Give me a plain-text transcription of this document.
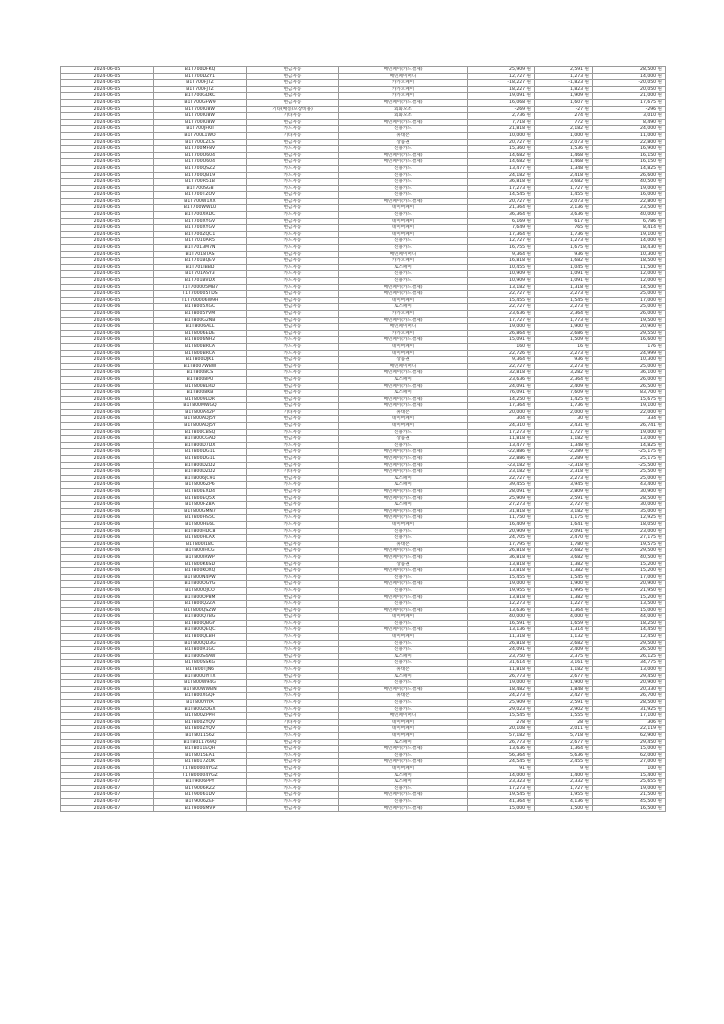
2024-06-05	B1T700DFKQ	현금자동	배민페이(카드결제)	25,909 원	2,591 원	28,500 원
2024-06-05	B1T700DZY1	현금자동	배민페이머니	12,727 원	1,273 원	14,000 원
2024-06-05	B1T700FJTZ	현금자동	카카오페이	-18,227 원	-1,823 원	-20,050 원
2024-06-05	B1T700FJTZ	현금자동	카카오페이	18,227 원	1,823 원	20,050 원
2024-06-05	B1T700GDKC	현금자동	카카오페이	19,091 원	1,909 원	21,000 원
2024-06-05	B1T700GFW9	현금자동	배민페이(카드결제)	16,068 원	1,607 원	17,675 원
2024-06-05	B1T700IU8W	기타(배송/포장비용)	외화모조	-269 원	-27 원	-296 원
2024-06-05	B1T700IU8W	기타자동	외화모조	2,736 원	274 원	3,010 원
2024-06-05	B1T700IU8W	현금자동	배민페이(카드결제)	7,718 원	772 원	8,490 원
2024-06-05	B1T700JFKII	카드자동	신용카드	21,818 원	2,182 원	24,000 원
2024-06-05	B1T700L1WO	기타자동	휴대폰	10,000 원	1,000 원	11,000 원
2024-06-05	B1T700LZCS	현금자동	상품권	20,727 원	2,073 원	22,800 원
2024-06-05	B1T700MF8V	카드자동	신용카드	15,360 원	1,536 원	16,900 원
2024-06-05	B1T700O604	현금자동	배민페이(카드결제)	14,682 원	1,468 원	16,150 원
2024-06-05	B1T700O604	현금자동	배민페이(카드결제)	14,682 원	1,468 원	16,150 원
2024-06-05	B1T700QSZ2	카드자동	신용카드	13,477 원	1,348 원	14,825 원
2024-06-05	B1T700QB19	카드자동	신용카드	24,182 원	2,418 원	26,600 원
2024-06-05	B1T700R51B	카드자동	신용카드	36,818 원	3,682 원	40,500 원
2024-06-05	B1T700SG8	카드자동	신용카드	17,273 원	1,727 원	19,000 원
2024-06-05	B1T700TZOV	현금자동	신용카드	14,545 원	1,455 원	16,000 원
2024-06-05	B1T700W1XX	현금자동	배민페이(카드결제)	20,727 원	2,073 원	22,800 원
2024-06-05	B1T700WWLU	현금자동	네이버페이	21,364 원	2,136 원	23,500 원
2024-06-05	B1T700XRDC	카드자동	신용카드	36,364 원	3,636 원	40,000 원
2024-06-05	B1T700XYGV	현금자동	네이버페이	6,169 원	617 원	6,786 원
2024-06-05	B1T700XYGV	현금자동	네이버페이	7,649 원	765 원	8,414 원
2024-06-05	B1T700ZQC1	카드자동	네이버페이	17,364 원	1,736 원	19,100 원
2024-06-05	B1T7010AR5	카드자동	신용카드	12,727 원	1,273 원	14,000 원
2024-06-05	B1T7013M7N	카드자동	신용카드	16,755 원	1,675 원	18,430 원
2024-06-05	B1T7018TAS	현금자동	배민페이머니	9,364 원	936 원	10,300 원
2024-06-05	B1T701BQEV	현금자동	카카오페이	16,818 원	1,682 원	18,500 원
2024-06-05	B1T701IBBD	카드자동	토스페이	10,455 원	1,045 원	11,500 원
2024-06-05	B1T701ASY3	카드자동	신용카드	10,909 원	1,091 원	12,000 원
2024-06-05	B1T701BVDX	카드자동	신용카드	10,909 원	1,091 원	12,000 원
2024-06-05	T1T700005MB7	카드자동	배민페이(카드결제)	13,182 원	1,318 원	14,500 원
2024-06-05	T1T700005TDS	현금자동	배민페이(카드결제)	22,727 원	2,273 원	25,000 원
2024-06-05	T1T700006W9H	현금자동	네이버페이	15,455 원	1,545 원	17,000 원
2024-06-06	B1T8005XGC	현금자동	토스페이	22,727 원	2,273 원	25,000 원
2024-06-06	B1T8005YVM	현금자동	카카오페이	23,636 원	2,364 원	26,000 원
2024-06-06	B1T800G2NB	현금자동	배민페이(카드결제)	17,727 원	1,773 원	19,500 원
2024-06-06	B1T8006ALL	현금자동	배민페이머니	19,000 원	1,900 원	20,900 원
2024-06-06	B1T8006EDE	현금자동	카카오페이	26,864 원	2,686 원	29,550 원
2024-06-06	B1T8006NH2	카드자동	배민페이(카드결제)	15,091 원	1,509 원	16,600 원
2024-06-06	B1T800BRCA	카드자동	네이버페이	160 원	16 원	176 원
2024-06-06	B1T800BRCA	카드자동	네이버페이	22,726 원	2,273 원	24,999 원
2024-06-06	B1T800DJK1	현금자동	상품권	9,364 원	936 원	10,300 원
2024-06-06	B1T8007WBW	현금자동	배민페이머니	22,727 원	2,273 원	25,000 원
2024-06-06	B1T8008CS	카드자동	배민페이(카드결제)	32,818 원	3,282 원	36,100 원
2024-06-06	B1T8008PU	현금자동	토스페이	23,636 원	2,364 원	26,000 원
2024-06-06	B1T8008LRD	현금자동	배민페이(카드결제)	24,091 원	2,409 원	26,500 원
2024-06-06	B1T8008KB	현금자동	토스페이	76,091 원	7,609 원	83,700 원
2024-06-06	B1T8009LDR	현금자동	배민페이(카드결제)	14,250 원	1,425 원	15,675 원
2024-06-06	B1T800MWGQ	현금자동	배민페이(카드결제)	17,364 원	1,736 원	19,100 원
2024-06-06	B1T800A42P	기타자동	휴대폰	20,000 원	2,000 원	22,000 원
2024-06-06	B1T800ADJ5Y	현금자동	네이버페이	304 원	30 원	334 원
2024-06-06	B1T800ADJ5Y	현금자동	네이버페이	24,310 원	2,431 원	26,741 원
2024-06-06	B1T800CBSQ	카드자동	신용카드	17,273 원	1,727 원	19,000 원
2024-06-06	B1T800CGAD	현금자동	상품권	11,818 원	1,182 원	13,000 원
2024-06-06	B1T800D7DX	카드자동	신용카드	13,477 원	1,348 원	14,825 원
2024-06-06	B1T800DG1L	현금자동	배민페이(카드결제)	-22,886 원	-2,289 원	-25,175 원
2024-06-06	B1T800DG1L	현금자동	배민페이(카드결제)	22,886 원	2,289 원	25,175 원
2024-06-06	B1T800DZD2	현금자동	배민페이(카드결제)	-23,182 원	-2,318 원	-25,500 원
2024-06-06	B1T800DZD2	기타자동	배민페이(카드결제)	23,182 원	2,318 원	25,500 원
2024-06-06	B1T8006JC91	현금자동	토스페이	22,727 원	2,273 원	25,000 원
2024-06-06	B1T8006ZP6	카드자동	토스페이	39,455 원	3,945 원	43,400 원
2024-06-06	B1T800EXD4	현금자동	배민페이(카드결제)	28,091 원	2,809 원	30,900 원
2024-06-06	B1T800EQ5X	현금자동	배민페이(카드결제)	25,909 원	2,591 원	28,500 원
2024-06-06	B1T800FZ8A	현금자동	토스페이	27,273 원	2,727 원	30,000 원
2024-06-06	B1T800GMN7	현금자동	배민페이(카드결제)	31,818 원	3,182 원	35,000 원
2024-06-06	B1T800HS5C	카드자동	배민페이(카드결제)	11,750 원	1,175 원	12,925 원
2024-06-06	B1T800HE6L	카드자동	네이버페이	16,409 원	1,641 원	18,050 원
2024-06-06	B1T800HDC8	카드자동	신용카드	20,909 원	2,091 원	23,000 원
2024-06-06	B1T800HLAX	카드자동	신용카드	24,705 원	2,470 원	27,175 원
2024-06-06	B1T800I18C	현금자동	휴대폰	17,795 원	1,780 원	19,575 원
2024-06-06	B1T800IHCG	현금자동	배민페이(카드결제)	26,818 원	2,682 원	29,500 원
2024-06-06	B1T800IRWP	카드자동	배민페이(카드결제)	36,818 원	3,682 원	40,500 원
2024-06-06	B1T800K6SD	현금자동	상품권	13,818 원	1,382 원	15,200 원
2024-06-06	B1T800KOXQ	현금자동	배민페이(카드결제)	13,818 원	1,382 원	15,200 원
2024-06-06	B1T800N4PW	카드자동	신용카드	15,455 원	1,545 원	17,000 원
2024-06-06	B1T800OGYG	현금자동	배민페이(카드결제)	19,000 원	1,900 원	20,900 원
2024-06-06	B1T800OJCO	카드자동	신용카드	19,955 원	1,995 원	21,950 원
2024-06-06	B1T800OP8M	현금자동	배민페이(카드결제)	13,818 원	1,382 원	15,200 원
2024-06-06	B1T800Q2ZA	카드자동	신용카드	12,273 원	1,227 원	13,500 원
2024-06-06	B1T800QSZW	현금자동	배민페이(카드결제)	13,636 원	1,364 원	15,000 원
2024-06-06	B1T800Q7BG	현금자동	네이버페이	40,000 원	4,000 원	44,000 원
2024-06-06	B1T800QBGY	카드자동	신용카드	16,591 원	1,659 원	18,250 원
2024-06-06	B1T800QEQC	카드자동	배민페이(카드결제)	13,136 원	1,314 원	14,450 원
2024-06-06	B1T800QLBH	카드자동	네이버페이	11,318 원	1,132 원	12,450 원
2024-06-06	B1T800QD3G	카드자동	신용카드	26,818 원	2,682 원	29,500 원
2024-06-06	B1T800R1GC	카드자동	신용카드	24,091 원	2,409 원	26,500 원
2024-06-06	B1T800S4AW	현금자동	토스페이	23,750 원	2,375 원	26,125 원
2024-06-06	B1T800SSKG	카드자동	신용카드	31,614 원	3,161 원	34,775 원
2024-06-06	B1T800TJN6	카드자동	휴대폰	11,818 원	1,182 원	13,000 원
2024-06-06	B1T800UIYTX	현금자동	토스페이	26,773 원	2,677 원	29,450 원
2024-06-06	B1T800W94G	카드자동	신용카드	19,000 원	1,900 원	20,900 원
2024-06-06	B1T800WWBN	현금자동	배민페이(카드결제)	18,482 원	1,848 원	20,330 원
2024-06-06	B1T800XGQF	카드자동	휴대폰	24,273 원	2,427 원	26,700 원
2024-06-06	B1T800YIYA	카드자동	신용카드	25,909 원	2,591 원	28,500 원
2024-06-06	B1T800ZDGX	카드자동	신용카드	29,023 원	2,902 원	31,925 원
2024-06-06	B1T800ZPPH	현금자동	배민페이머니	15,545 원	1,555 원	17,100 원
2024-06-06	B1T800ZYQV	기타자동	네이버페이	278 원	28 원	306 원
2024-06-06	B1T800ZYQV	현금자동	네이버페이	20,108 원	2,011 원	22,119 원
2024-06-06	B1T8011562	카드자동	네이버페이	57,182 원	5,718 원	62,900 원
2024-06-06	B1T8011769Q	현금자동	토스페이	26,773 원	2,677 원	29,450 원
2024-06-06	B1T8011EQH	현금자동	배민페이(카드결제)	13,636 원	1,364 원	15,000 원
2024-06-06	B1T8015EA1	카드자동	신용카드	56,364 원	5,636 원	62,000 원
2024-06-06	B1T8017ZOK	현금자동	배민페이(카드결제)	24,545 원	2,455 원	27,000 원
2024-06-06	T1T800004YGZ	현금자동	네이버페이	91 원	9 원	100 원
2024-06-06	T1T800004YGZ	현금자동	토스페이	14,000 원	1,400 원	15,400 원
2024-06-07	B1T9006PPY	카드자동	토스페이	23,323 원	2,332 원	25,655 원
2024-06-07	B1T9006RZ2	카드자동	신용카드	17,273 원	1,727 원	19,000 원
2024-06-07	B1T90061DV	현금자동	배민페이(카드결제)	19,545 원	1,955 원	21,500 원
2024-06-07	B1T9006ZEF	카드자동	신용카드	41,364 원	4,136 원	45,500 원
2024-06-07	B1T9006MVP	현금자동	배민페이(카드결제)	15,000 원	1,500 원	16,500 원
